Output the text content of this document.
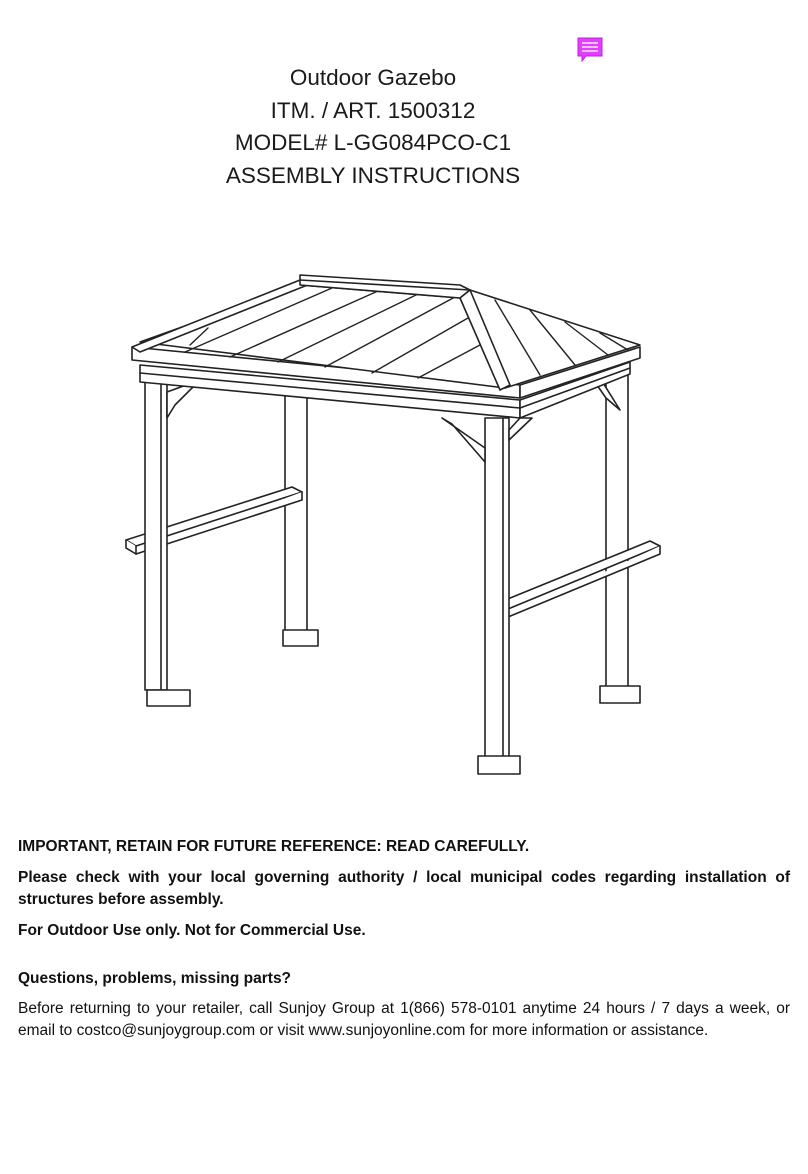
Outdoor Gazebo
ITM. / ART. 1500312
MODEL# L-GG084PCO-C1
ASSEMBLY INSTRUCTIONS

IMPORTANT, RETAIN FOR FUTURE REFERENCE: READ CAREFULLY.

Please check with your local governing authority / local municipal codes regarding installation of structures before assembly.

For Outdoor Use only. Not for Commercial Use.

Questions, problems, missing parts?

Before returning to your retailer, call Sunjoy Group at 1(866) 578-0101 anytime 24 hours / 7 days a week, or email to costco@sunjoygroup.com or visit www.sunjoyonline.com for more information or assistance.
